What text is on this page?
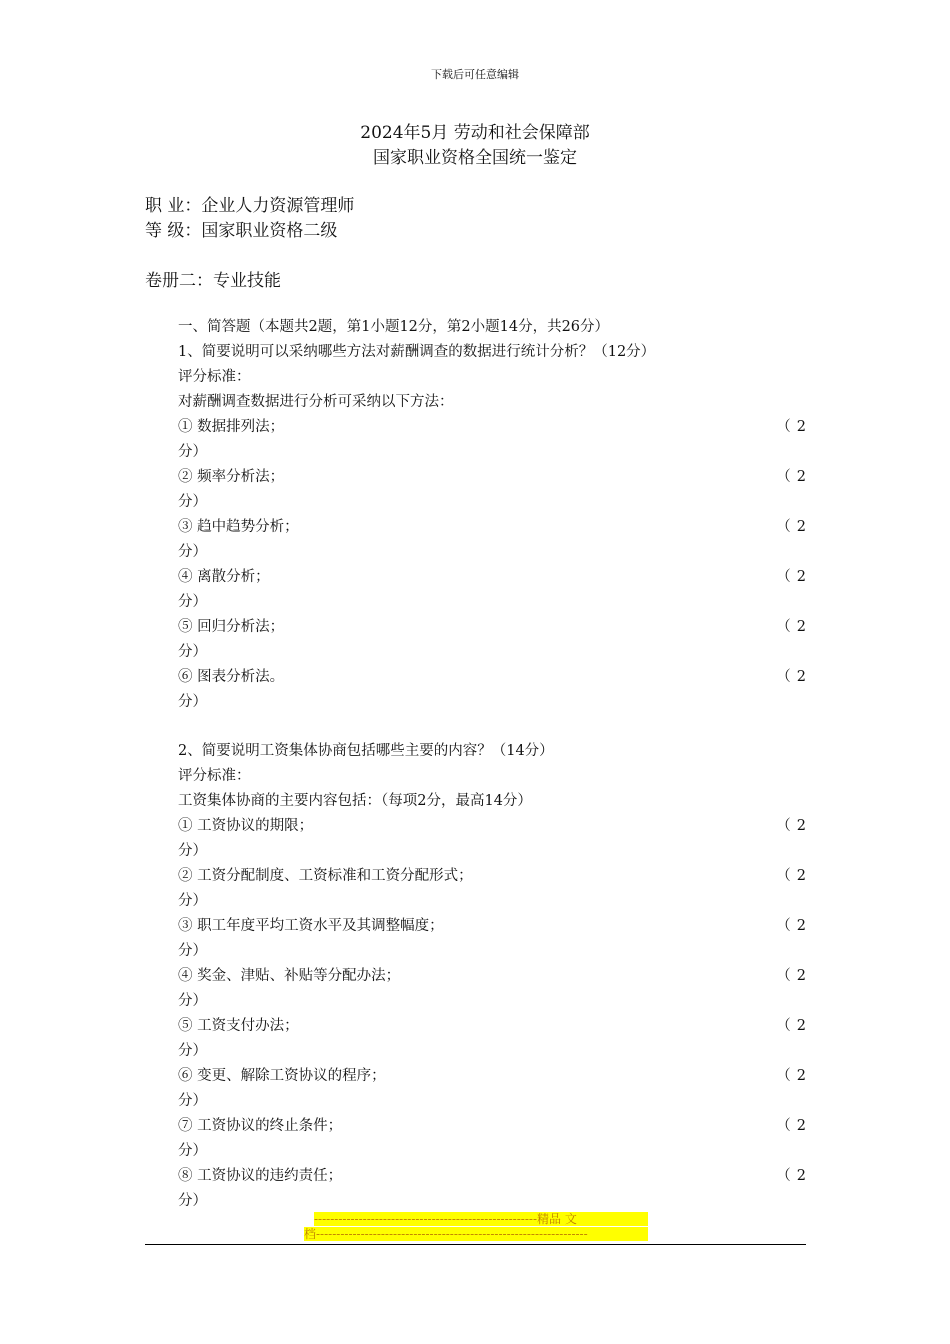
下载后可任意编辑
2024年5月 劳动和社会保障部
国家职业资格全国统一鉴定
职 业：企业人力资源管理师
等 级：国家职业资格二级
卷册二：专业技能
一、简答题（本题共2题，第1小题12分，第2小题14分，共26分）
1、简要说明可以采纳哪些方法对薪酬调查的数据进行统计分析？（12分）
评分标准：
对薪酬调查数据进行分析可采纳以下方法：
① 数据排列法；	（2
分）
② 频率分析法；	（2
分）
③ 趋中趋势分析；	（2
分）
④ 离散分析；	（2
分）
⑤ 回归分析法；	（2
分）
⑥ 图表分析法。	（2
分）
2、简要说明工资集体协商包括哪些主要的内容？（14分）
评分标准：
工资集体协商的主要内容包括：（每项2分，最高14分）
① 工资协议的期限；	（2
分）
② 工资分配制度、工资标准和工资分配形式；	（2
分）
③ 职工年度平均工资水平及其调整幅度；	（2
分）
④ 奖金、津贴、补贴等分配办法；	（2
分）
⑤ 工资支付办法；	（2
分）
⑥ 变更、解除工资协议的程序；	（2
分）
⑦ 工资协议的终止条件；	（2
分）
⑧ 工资协议的违约责任；	（2
分）
-------------------------------------------------------精品 文
档-------------------------------------------------------------------
